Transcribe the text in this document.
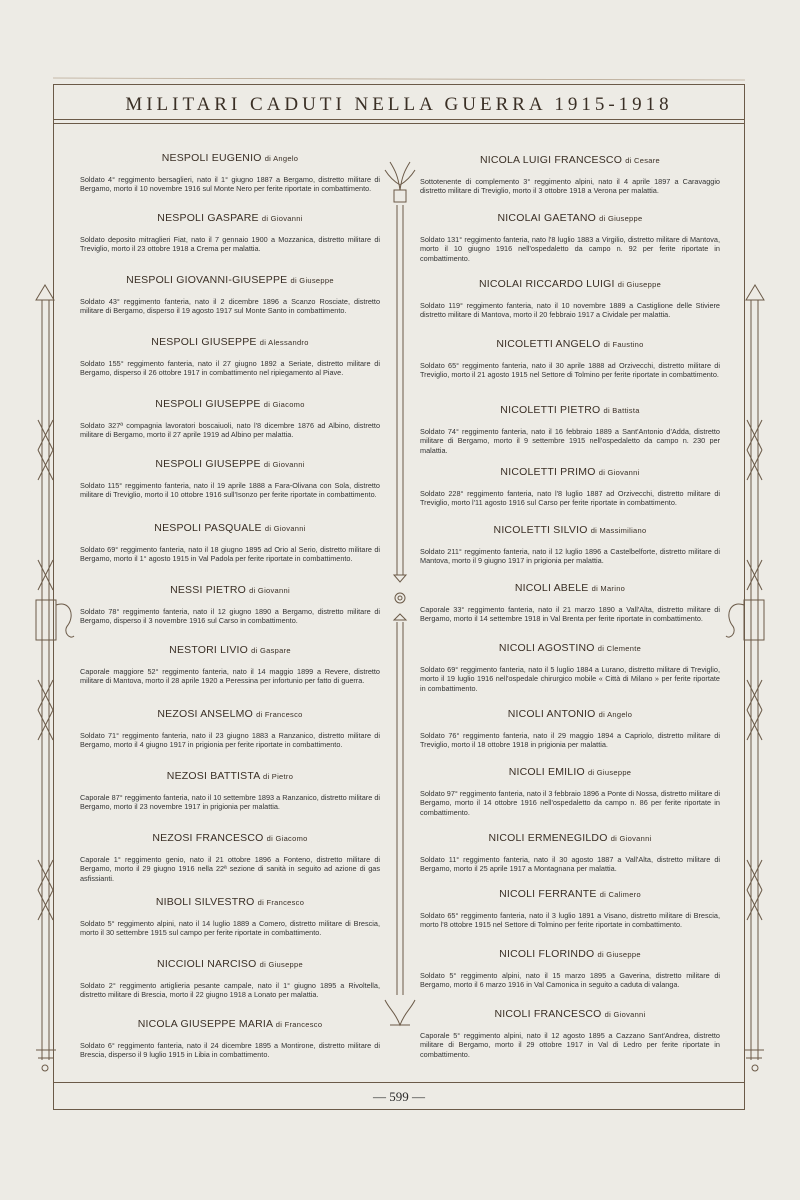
MILITARI CADUTI NELLA GUERRA 1915-1918
NESPOLI EUGENIO di Angelo
Soldato 4° reggimento bersaglieri, nato il 1° giugno 1887 a Bergamo, distretto militare di Bergamo, morto il 10 novembre 1916 sul Monte Nero per ferite riportate in combattimento.
NESPOLI GASPARE di Giovanni
Soldato deposito mitraglieri Fiat, nato il 7 gennaio 1900 a Mozzanica, distretto militare di Treviglio, morto il 23 ottobre 1918 a Crema per malattia.
NESPOLI GIOVANNI-GIUSEPPE di Giuseppe
Soldato 43° reggimento fanteria, nato il 2 dicembre 1896 a Scanzo Rosciate, distretto militare di Bergamo, disperso il 19 agosto 1917 sul Monte Santo in combattimento.
NESPOLI GIUSEPPE di Alessandro
Soldato 155° reggimento fanteria, nato il 27 giugno 1892 a Seriate, distretto militare di Bergamo, disperso il 26 ottobre 1917 in combattimento nel ripiegamento al Piave.
NESPOLI GIUSEPPE di Giacomo
Soldato 327ª compagnia lavoratori boscaiuoli, nato l'8 dicembre 1876 ad Albino, distretto militare di Bergamo, morto il 27 aprile 1919 ad Albino per malattia.
NESPOLI GIUSEPPE di Giovanni
Soldato 115° reggimento fanteria, nato il 19 aprile 1888 a Fara-Olivana con Sola, distretto militare di Treviglio, morto il 10 ottobre 1916 sull'Isonzo per ferite riportate in combattimento.
NESPOLI PASQUALE di Giovanni
Soldato 69° reggimento fanteria, nato il 18 giugno 1895 ad Orio al Serio, distretto militare di Bergamo, morto il 1° agosto 1915 in Val Padola per ferite riportate in combattimento.
NESSI PIETRO di Giovanni
Soldato 78° reggimento fanteria, nato il 12 giugno 1890 a Bergamo, distretto militare di Bergamo, disperso il 3 novembre 1916 sul Carso in combattimento.
NESTORI LIVIO di Gaspare
Caporale maggiore 52° reggimento fanteria, nato il 14 maggio 1899 a Revere, distretto militare di Mantova, morto il 28 aprile 1920 a Peressina per infortunio per fatto di guerra.
NEZOSI ANSELMO di Francesco
Soldato 71° reggimento fanteria, nato il 23 giugno 1883 a Ranzanico, distretto militare di Bergamo, morto il 4 giugno 1917 in prigionia per ferite riportate in combattimento.
NEZOSI BATTISTA di Pietro
Caporale 87° reggimento fanteria, nato il 10 settembre 1893 a Ranzanico, distretto militare di Bergamo, morto il 23 novembre 1917 in prigionia per malattia.
NEZOSI FRANCESCO di Giacomo
Caporale 1° reggimento genio, nato il 21 ottobre 1896 a Fonteno, distretto militare di Bergamo, morto il 29 giugno 1916 nella 22ª sezione di sanità in seguito ad azione di gas asfissianti.
NIBOLI SILVESTRO di Francesco
Soldato 5° reggimento alpini, nato il 14 luglio 1889 a Comero, distretto militare di Brescia, morto il 30 settembre 1915 sul campo per ferite riportate in combattimento.
NICCIOLI NARCISO di Giuseppe
Soldato 2° reggimento artiglieria pesante campale, nato il 1° giugno 1895 a Rivoltella, distretto militare di Brescia, morto il 22 giugno 1918 a Lonato per malattia.
NICOLA GIUSEPPE MARIA di Francesco
Soldato 6° reggimento fanteria, nato il 24 dicembre 1895 a Montirone, distretto militare di Brescia, disperso il 9 luglio 1915 in Libia in combattimento.
NICOLA LUIGI FRANCESCO di Cesare
Sottotenente di complemento 3° reggimento alpini, nato il 4 aprile 1897 a Caravaggio distretto militare di Treviglio, morto il 3 ottobre 1918 a Verona per malattia.
NICOLAI GAETANO di Giuseppe
Soldato 131° reggimento fanteria, nato l'8 luglio 1883 a Virgilio, distretto militare di Mantova, morto il 10 giugno 1916 nell'ospedaletto da campo n. 92 per ferite riportate in combattimento.
NICOLAI RICCARDO LUIGI di Giuseppe
Soldato 119° reggimento fanteria, nato il 10 novembre 1889 a Castiglione delle Stiviere distretto militare di Mantova, morto il 20 febbraio 1917 a Cividale per malattia.
NICOLETTI ANGELO di Faustino
Soldato 65° reggimento fanteria, nato il 30 aprile 1888 ad Orzivecchi, distretto militare di Treviglio, morto il 21 agosto 1915 nel Settore di Tolmino per ferite riportate in combattimento.
NICOLETTI PIETRO di Battista
Soldato 74° reggimento fanteria, nato il 16 febbraio 1889 a Sant'Antonio d'Adda, distretto militare di Bergamo, morto il 9 settembre 1915 nell'ospedaletto da campo n. 230 per malattia.
NICOLETTI PRIMO di Giovanni
Soldato 228° reggimento fanteria, nato l'8 luglio 1887 ad Orzivecchi, distretto militare di Treviglio, morto l'11 agosto 1916 sul Carso per ferite riportate in combattimento.
NICOLETTI SILVIO di Massimiliano
Soldato 211° reggimento fanteria, nato il 12 luglio 1896 a Castelbelforte, distretto militare di Mantova, morto il 9 giugno 1917 in prigionia per malattia.
NICOLI ABELE di Marino
Caporale 33° reggimento fanteria, nato il 21 marzo 1890 a Vall'Alta, distretto militare di Bergamo, morto il 14 settembre 1918 in Val Brenta per ferite riportate in combattimento.
NICOLI AGOSTINO di Clemente
Soldato 69° reggimento fanteria, nato il 5 luglio 1884 a Lurano, distretto militare di Treviglio, morto il 19 luglio 1916 nell'ospedale chirurgico mobile « Città di Milano » per ferite riportate in combattimento.
NICOLI ANTONIO di Angelo
Soldato 76° reggimento fanteria, nato il 29 maggio 1894 a Capriolo, distretto militare di Treviglio, morto il 18 ottobre 1918 in prigionia per malattia.
NICOLI EMILIO di Giuseppe
Soldato 97° reggimento fanteria, nato il 3 febbraio 1896 a Ponte di Nossa, distretto militare di Bergamo, morto il 14 ottobre 1916 nell'ospedaletto da campo n. 86 per ferite riportate in combattimento.
NICOLI ERMENEGILDO di Giovanni
Soldato 11° reggimento fanteria, nato il 30 agosto 1887 a Vall'Alta, distretto militare di Bergamo, morto il 25 aprile 1917 a Montagnana per malattia.
NICOLI FERRANTE di Calimero
Soldato 65° reggimento fanteria, nato il 3 luglio 1891 a Visano, distretto militare di Brescia, morto l'8 ottobre 1915 nel Settore di Tolmino per ferite riportate in combattimento.
NICOLI FLORINDO di Giuseppe
Soldato 5° reggimento alpini, nato il 15 marzo 1895 a Gaverina, distretto militare di Bergamo, morto il 6 marzo 1916 in Val Camonica in seguito a caduta di valanga.
NICOLI FRANCESCO di Giovanni
Caporale 5° reggimento alpini, nato il 12 agosto 1895 a Cazzano Sant'Andrea, distretto militare di Bergamo, morto il 29 ottobre 1917 in Val di Ledro per ferite riportate in combattimento.
— 599 —
